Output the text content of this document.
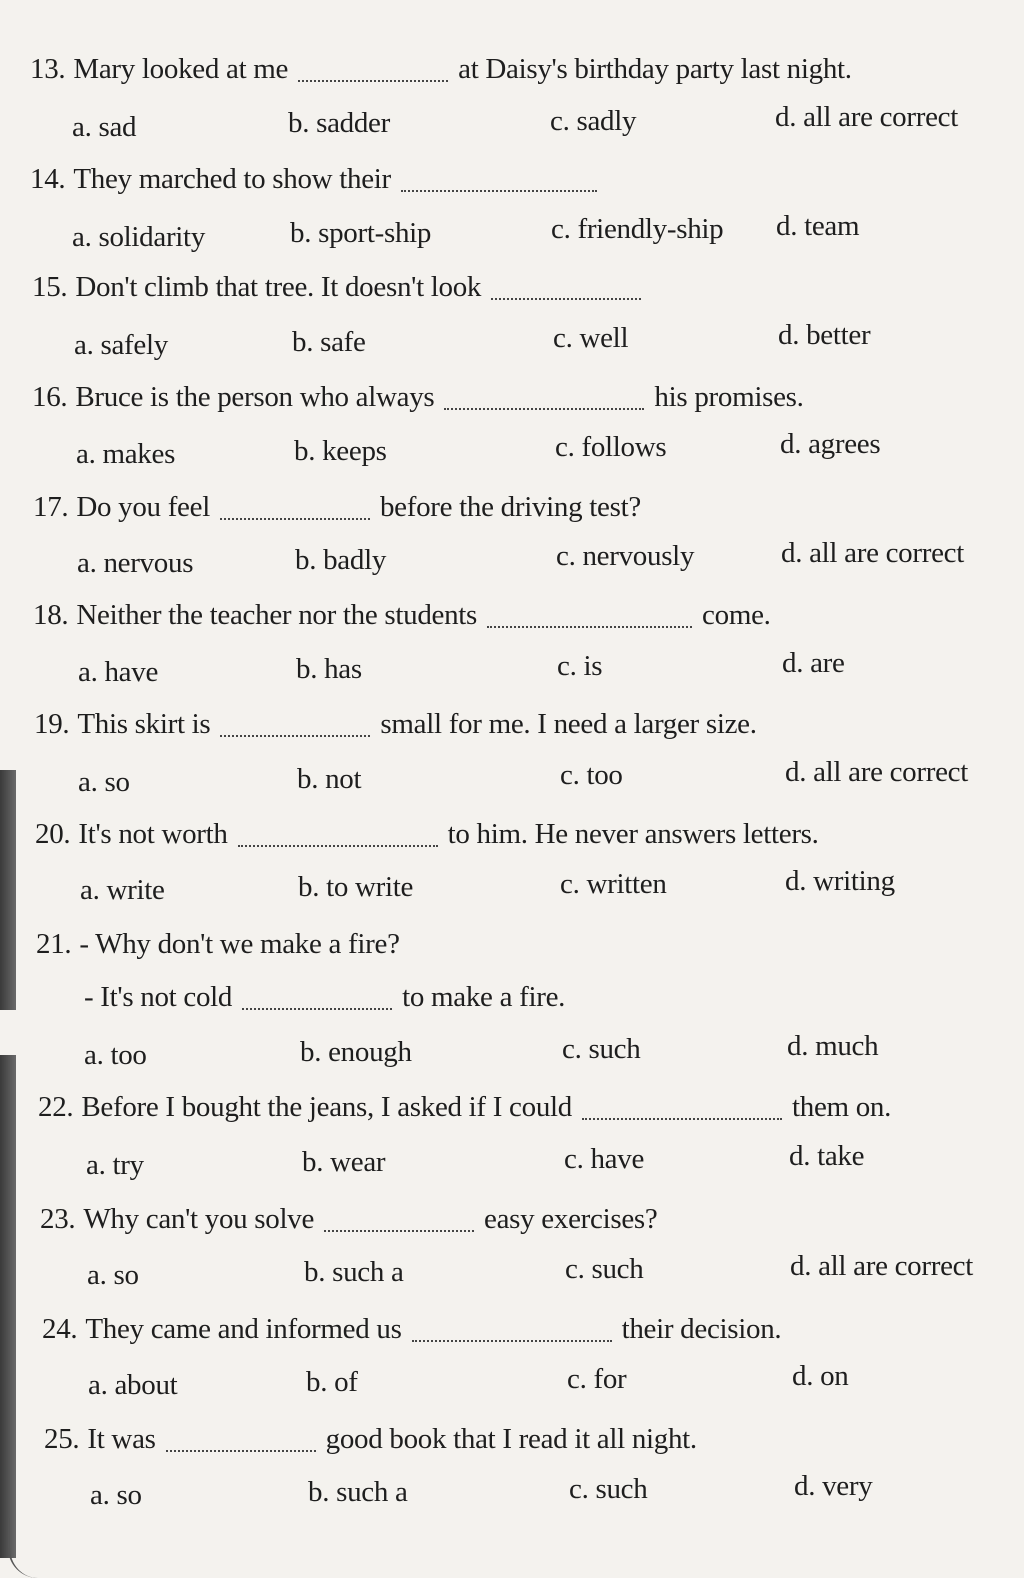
13. Mary looked at me	at Daisy's birthday party last night.
a. sad	b. sadder	c. sadly	d. all are correct
14. They marched to show their
a. solidarity	b. sport-ship	c. friendly-ship d. team
15. Don't climb that tree. It doesn't look
a. safely	b. safe	c. well	d. better
16. Bruce is the person who always	his promises.
a. makes	b. keeps	c. follows	d. agrees
17. Do you feel	before the driving test?
a. nervous	b. badly	c. nervously	d. all are correct
18. Neither the teacher nor the students	come.
a. have	b. has	c. is	d. are
19. This skirt is	small for me. I need a larger size.
a. so	b. not	c. too	d. all are correct
20. It's not worth	to him. He never answers letters.
a. write	b. to write	c. written	d. writing
21. - Why don't we make a fire?
- It's not cold	to make a fire.
a. too	b. enough	c. such	d. much
22. Before I bought the jeans, I asked if I could	them on.
a. try	b. wear	c. have	d. take
23. Why can't you solve	easy exercises?
a. so	b. such a	c. such	d. all are correct
24. They came and informed us	their decision.
a. about	b. of	c. for	d. on
25. It was	good book that I read it all night.
a. so	b. such a	c. such	d. very
